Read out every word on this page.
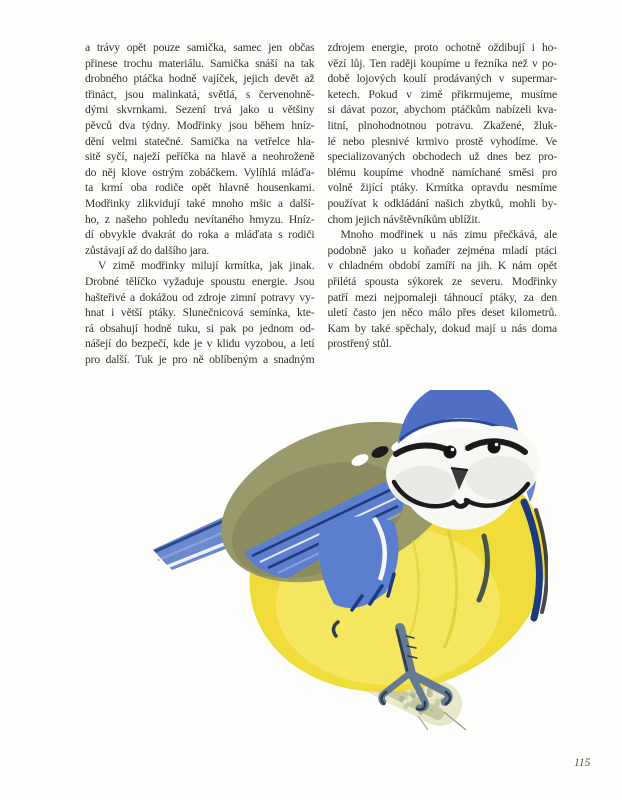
a trávy opět pouze samička, samec jen občas
přinese trochu materiálu. Samička snáší na tak
drobného ptáčka hodně vajíček, jejich devět až
třináct, jsou malinkatá, světlá, s červenohně-
dými skvrnkami. Sezení trvá jako u většiny
pěvců dva týdny. Modřinky jsou během hníz-
dění velmi statečné. Samička na vetřelce hla-
sitě syčí, naježí peříčka na hlavě a neohroženě
do něj klove ostrým zobáčkem. Vylíhlá mláďa-
ta krmí oba rodiče opět hlavně housenkami.
Modřinky zlikvidují také mnoho mšic a další-
ho, z našeho pohledu nevítaného hmyzu. Hníz-
dí obvykle dvakrát do roka a mláďata s rodiči
zůstávají až do dalšího jara.
V zimě modřinky milují krmítka, jak jinak.
Drobné tělíčko vyžaduje spoustu energie. Jsou
hašteřivé a dokážou od zdroje zimní potravy vy-
hnat i větší ptáky. Slunečnicová semínka, kte-
rá obsahují hodně tuku, si pak po jednom od-
nášejí do bezpečí, kde je v klidu vyzobou, a letí
pro další. Tuk je pro ně oblíbeným a snadným
zdrojem energie, proto ochotně oždibují i ho-
vězí lůj. Ten raději koupíme u řezníka než v po-
době lojových koulí prodávaných v supermar-
ketech. Pokud v zimě přikrmujeme, musíme
si dávat pozor, abychom ptáčkům nabízeli kva-
litní, plnohodnotnou potravu. Zkažené, žluk-
lé nebo plesnivé krmivo prostě vyhodíme. Ve
specializovaných obchodech už dnes bez pro-
blému koupíme vhodně namíchané směsi pro
volně žijící ptáky. Krmítka opravdu nesmíme
používat k odkládání našich zbytků, mohli by-
chom jejich návštěvníkům ublížit.
Mnoho modřinek u nás zimu přečkává, ale
podobně jako u koňader zejména mladí ptáci
v chladném období zamíří na jih. K nám opět
přilétá spousta sýkorek ze severu. Modřinky
patří mezi nejpomaleji táhnoucí ptáky, za den
uletí často jen něco málo přes deset kilometrů.
Kam by také spěchaly, dokud mají u nás doma
prostřený stůl.
115
